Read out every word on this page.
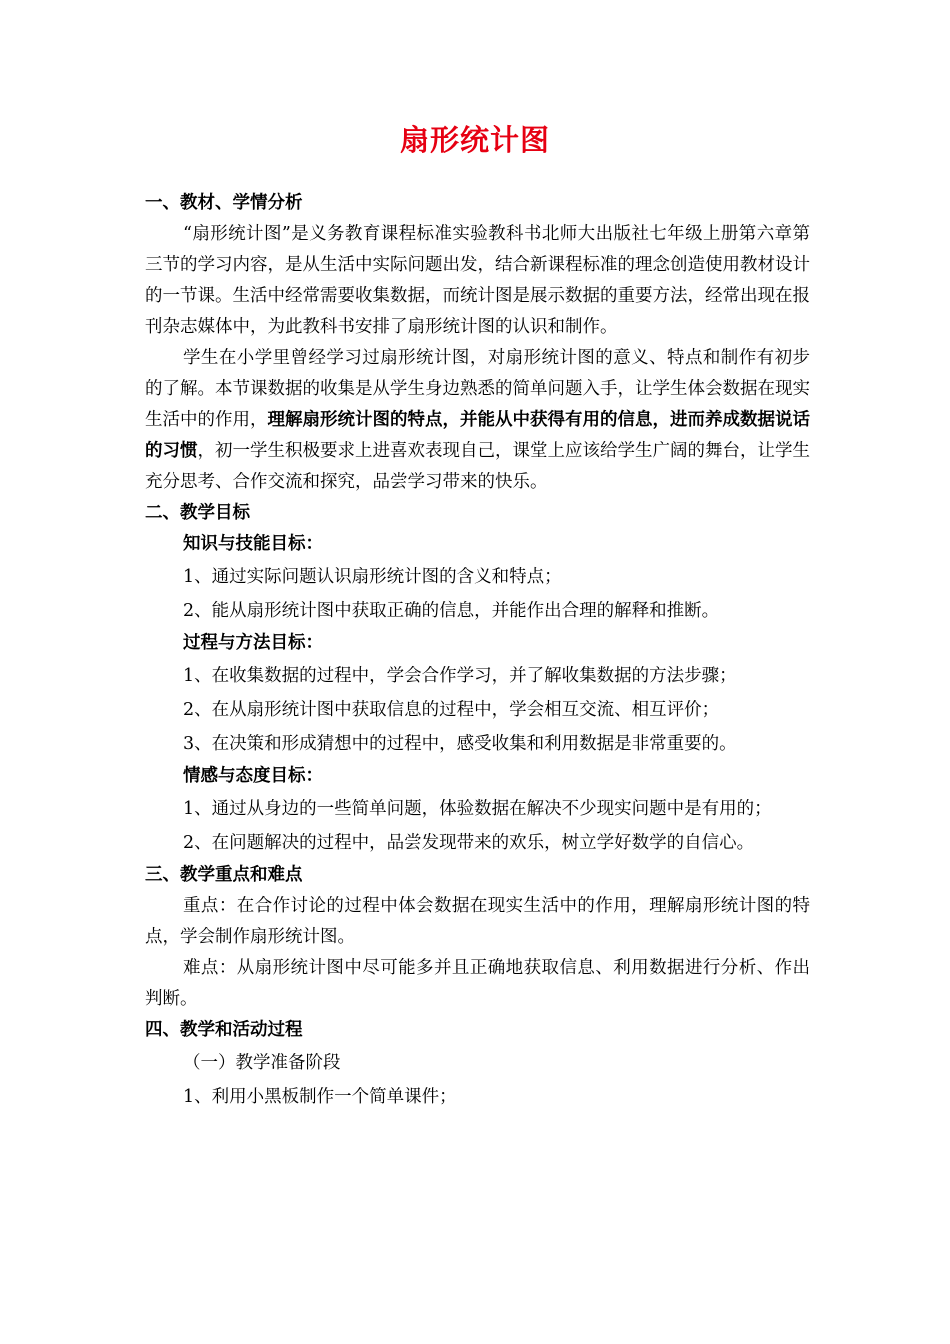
扇形统计图

一、教材、学情分析

“扇形统计图”是义务教育课程标准实验教科书北师大出版社七年级上册第六章第三节的学习内容，是从生活中实际问题出发，结合新课程标准的理念创造使用教材设计的一节课。生活中经常需要收集数据，而统计图是展示数据的重要方法，经常出现在报刊杂志媒体中，为此教科书安排了扇形统计图的认识和制作。

学生在小学里曾经学习过扇形统计图，对扇形统计图的意义、特点和制作有初步的了解。本节课数据的收集是从学生身边熟悉的简单问题入手，让学生体会数据在现实生活中的作用，理解扇形统计图的特点，并能从中获得有用的信息，进而养成数据说话的习惯，初一学生积极要求上进喜欢表现自己，课堂上应该给学生广阔的舞台，让学生充分思考、合作交流和探究，品尝学习带来的快乐。

二、教学目标

知识与技能目标：

1、通过实际问题认识扇形统计图的含义和特点；

2、能从扇形统计图中获取正确的信息，并能作出合理的解释和推断。

过程与方法目标：

1、在收集数据的过程中，学会合作学习，并了解收集数据的方法步骤；

2、在从扇形统计图中获取信息的过程中，学会相互交流、相互评价；

3、在决策和形成猜想中的过程中，感受收集和利用数据是非常重要的。

情感与态度目标：

1、通过从身边的一些简单问题，体验数据在解决不少现实问题中是有用的；

2、在问题解决的过程中，品尝发现带来的欢乐，树立学好数学的自信心。

三、教学重点和难点

重点：在合作讨论的过程中体会数据在现实生活中的作用，理解扇形统计图的特点，学会制作扇形统计图。

难点：从扇形统计图中尽可能多并且正确地获取信息、利用数据进行分析、作出判断。

四、教学和活动过程

（一）教学准备阶段

1、利用小黑板制作一个简单课件；
